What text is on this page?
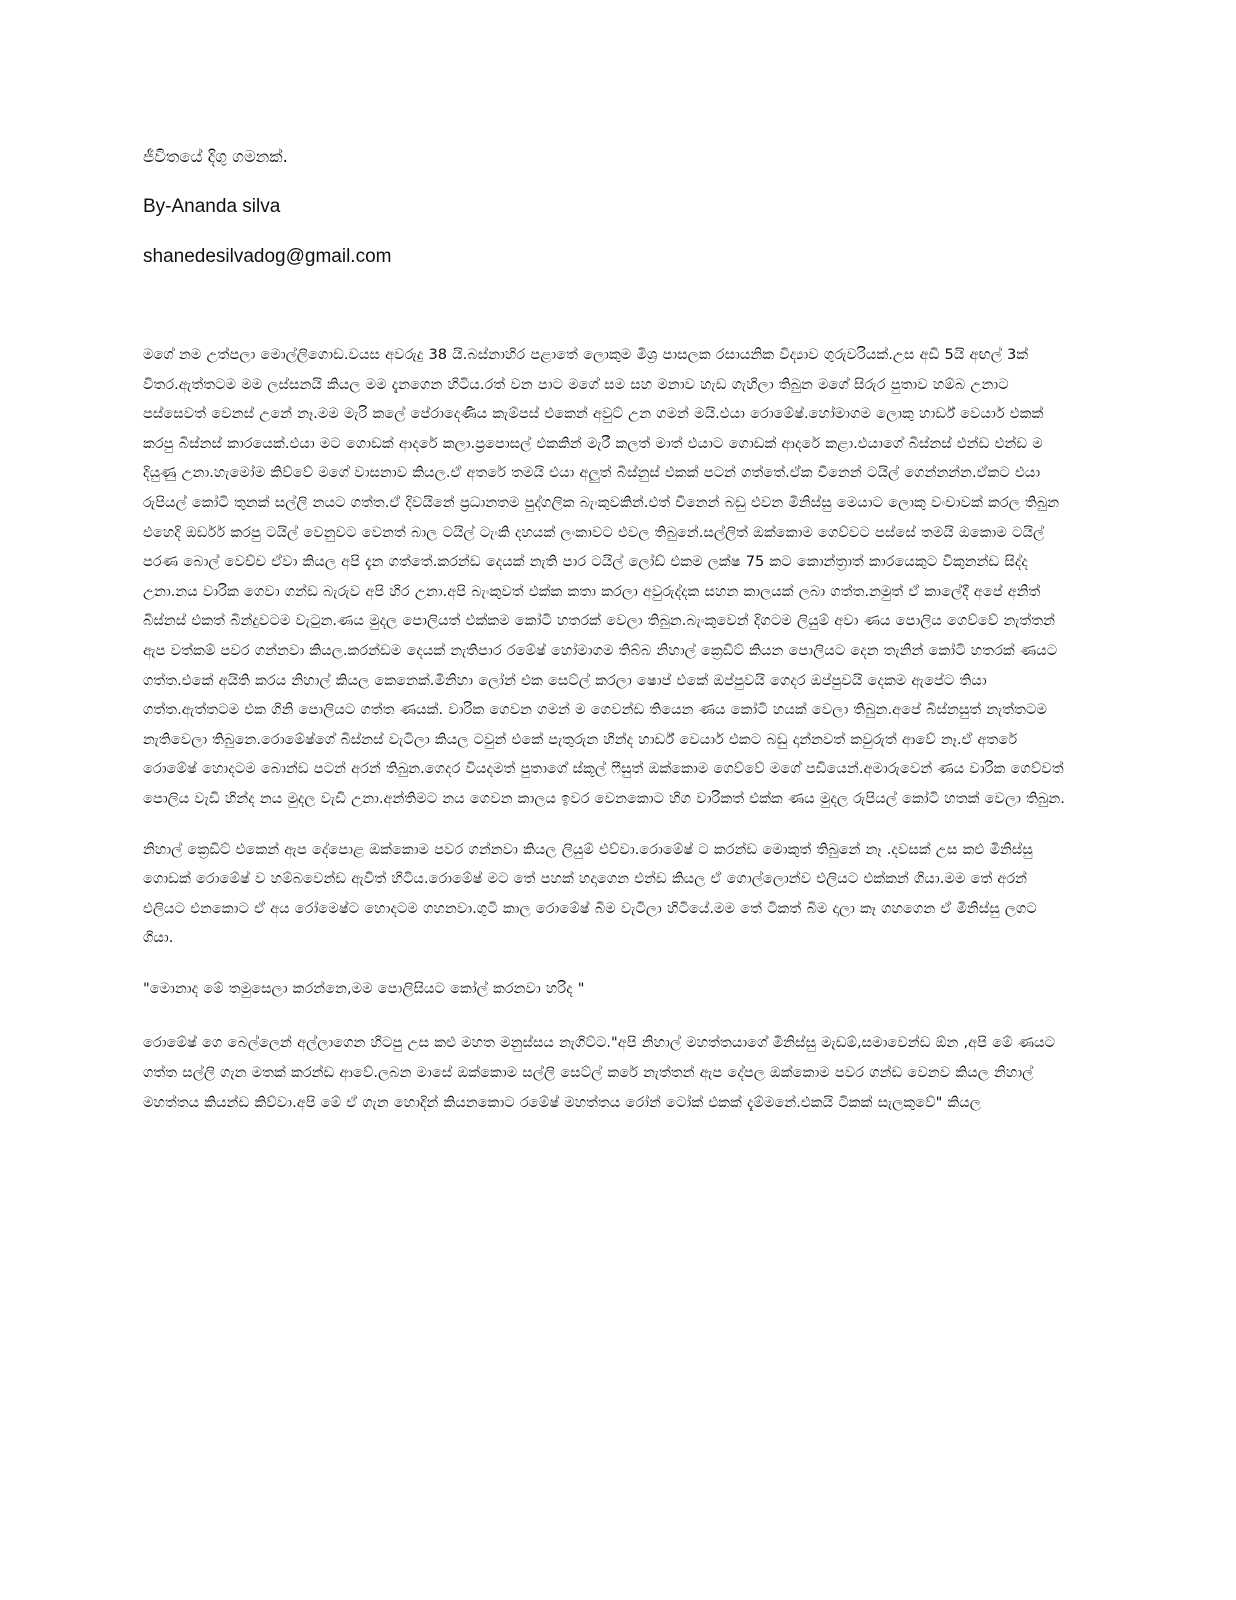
ජීවිතයේ දිගු ගමනක්.
By-Ananda silva
shanedesilvadog@gmail.com

මගේ නම උත්පලා මොල්ලිගොඩ.වයස අවරුදු 38 යි.බස්නාහිර පළාතේ ලොකුම මිශ්‍ර පාසලක රසායනික විද්‍යාව ගුරුවරියක්.උස අඩි 5යි අඟල් 3ක් විතර.ඇත්තටම මම ලස්සනයි කියල මම දැනගෙන හිටිය.රත් වන පාට මගේ සම සහ මනාව හැඩ ගැහිලා තිබුන මගේ සිරුර පුතාව හම්බ උනාට පස්සෙවත් වෙනස් උනේ නෑ.මම මැරි කලේ පේරාදෙණිය කැම්පස් එකෙන් අවුට් උන ගමන් මයි.එයා රොමේෂ්.හෝමාගම ලොකු හාර්ඩ් වෙයාර් එකක් කරපු බිස්නස් කාරයෙක්.එයා මට ගොඩක් ආදරේ කලා.ප්‍රපොසල් එකකින් මැරී කලත් මාත් එයාට ගොඩක් ආදරේ කළා.එයාගේ බිස්නස් එන්ඩ එන්ඩ ම දියුණු උනා.හැමෝම කිව්වේ මගේ වාසනාව කියල.ඒ අතරේ තමයි එයා අලුත් බිස්නුස් එකක් පටන් ගත්තේ.ඒක චීනෙන් ටයිල් ගෙන්නන්න.ඒකට එයා රුපියල් කෝටි තුනක් සල්ලි නයට ගත්ත.ඒ දිවයිනේ ප්‍රධානතම පුද්ගලික බැංකුවකින්.එත් චීනෙන් බඩු එවන මිනිස්සු මෙයාට ලොකු වංචාවක් කරල තිබුන එහෙදි ඔර්ඩර් කරපු ටයිල් වෙනුවට වෙනත් බාල ටයිල් ටැංකි දහයක් ලංකාවට එවල තිබුනේ.සල්ලිත් ඔක්කොම ගෙව්වට පස්සේ තමයි ඔකොම ටයිල් පරණ බොල් වෙච්ච ඒවා කියල අපි දැන ගත්තේ.කරන්ඩ දෙයක් නැති පාර ටයිල් ලෝඩ් එකම ලක්ෂ 75 කට කොන්ත්‍රාත් කාරයෙකුට විකුනන්ඩ සිද්ද උනා.නය වාරික ගෙවා ගන්ඩ බැරුව අපි හිර උනා.අපි බැංකුවත් එක්ක කතා කරලා අවුරුද්දක සහන කාලයක් ලබා ගත්ත.නමුත් ඒ කාලේදී අපේ අනිත් බිස්නස් එකත් බින්දුවටම වැටුන.ණය මුදල පොලියත් එක්කම කෝටි හතරක් වෙලා තිබුන.බැංකුවෙන් දිගටම ලියුම් අවා ණය පොලිය ගෙව්වේ නැත්තන් ඇප වත්කම් පවර ගන්නවා කියල.කරන්ඩම දෙයක් නැතිපාර රමේෂ් හෝමාගම තිබ්බ නිහාල් ක්‍රෙඩිට් කියන පොලියට දෙන තැනින් කෝටි හතරක් ණයට ගත්ත.එකේ අයිති කරය නිහාල් කියල කෙනෙක්.මිනිහා ලෝන් එක සෙට්ල් කරලා ෂොප් එකේ ඔප්පුවයි ගෙදර ඔප්පුවයි දෙකම ඇපේට තියා ගත්ත.ඇත්තටම එක ගිනි පොලියට ගත්ත ණයක්. වාරික ගෙවන ගමන් ම ගෙවන්ඩ තියෙන ණය කෝටි හයක් වෙලා තිබුන.අපේ බිස්නසුත් නැත්තටම නැතිවෙලා තිබුනෙ.රොමේෂ්ගේ බිස්නස් වැටිලා කියල ටවුන් එකේ පැතුරුන හින්ද හාර්ඩ් වෙයාර් එකට බඩු දාන්නවත් කවුරුත් ආවේ නෑ.ඒ අතරේ රොමේෂ් හොදටම බොන්ඩ පටන් අරන් තිබුන.ගෙදර වියදමත් පුතාගේ ස්කූල් ෆීසුත් ඔක්කොම ගෙව්වේ මගේ පඩියෙන්.අමාරුවෙන් ණය වාරික ගෙව්වත් පොලිය වැඩි හින්ද නය මුදල වැඩි උනා.අන්තිමට නය ගෙවන කාලය ඉවර වෙනකොට හිග වාරිකත් එක්ක ණය මුදල රුපියල් කෝටි හතක් වෙලා තිබුන.

නිහාල් ක්‍රෙඩිට් එකෙන් ඇප දේපොළ ඔක්කොම පවර ගන්නවා කියල ලියුම් එව්වා.රොමේෂ් ට කරන්ඩ මොකුත් තිබුනේ නෑ .දවසක් උස කළු මිනිස්සු ගොඩක් රොමේෂ් ව හම්බවෙන්ඩ ඇවිත් හිටිය.රොමේෂ් මට තේ පහක් හදාගෙන එන්ඩ කියල ඒ ගොල්ලොන්ව එලියට එක්කන් ගියා.මම තේ අරන් එලියට එනකොට ඒ අය රෝමෙෂ්ට හොදටම ගහනවා.ගුටි කාල රොමේෂ් බිම වැටිලා හිටියේ.මම තේ ටිකත් බිම දාලා කෑ ගහගෙන ඒ මිනිස්සු ලගට ගියා.

"මොනාද මේ තමුසෙලා කරන්නෙ,මම පොලිසියට කෝල් කරනවා හරිද "

රොමේෂ් ගෙ බෙල්ලෙන් අල්ලාගෙන හිටපු උස කළු මහත මනුස්සය නැගිට්ට."අපි නිහාල් මහත්තයාගේ මිනිස්සු මැඩම්,සමාවෙන්ඩ ඕන ,අපි මේ ණයට ගත්ත සල්ලි ගැන මතක් කරන්ඩ ආවේ.ලබන මාසේ ඔක්කොම සල්ලි සෙට්ල් කරේ නැත්තන් ඇප දේපල ඔක්කොම පවර ගන්ඩ වෙනව කියල නිහාල් මහත්තය කියන්ඩ කිව්වා.අපි මේ ඒ ගැන හොදින් කියනකොට රමේෂ් මහත්තය රෝන් ටෝක් එකක් දැම්මනේ.එකයි ටිකක් සැලකුවේ" කියල
